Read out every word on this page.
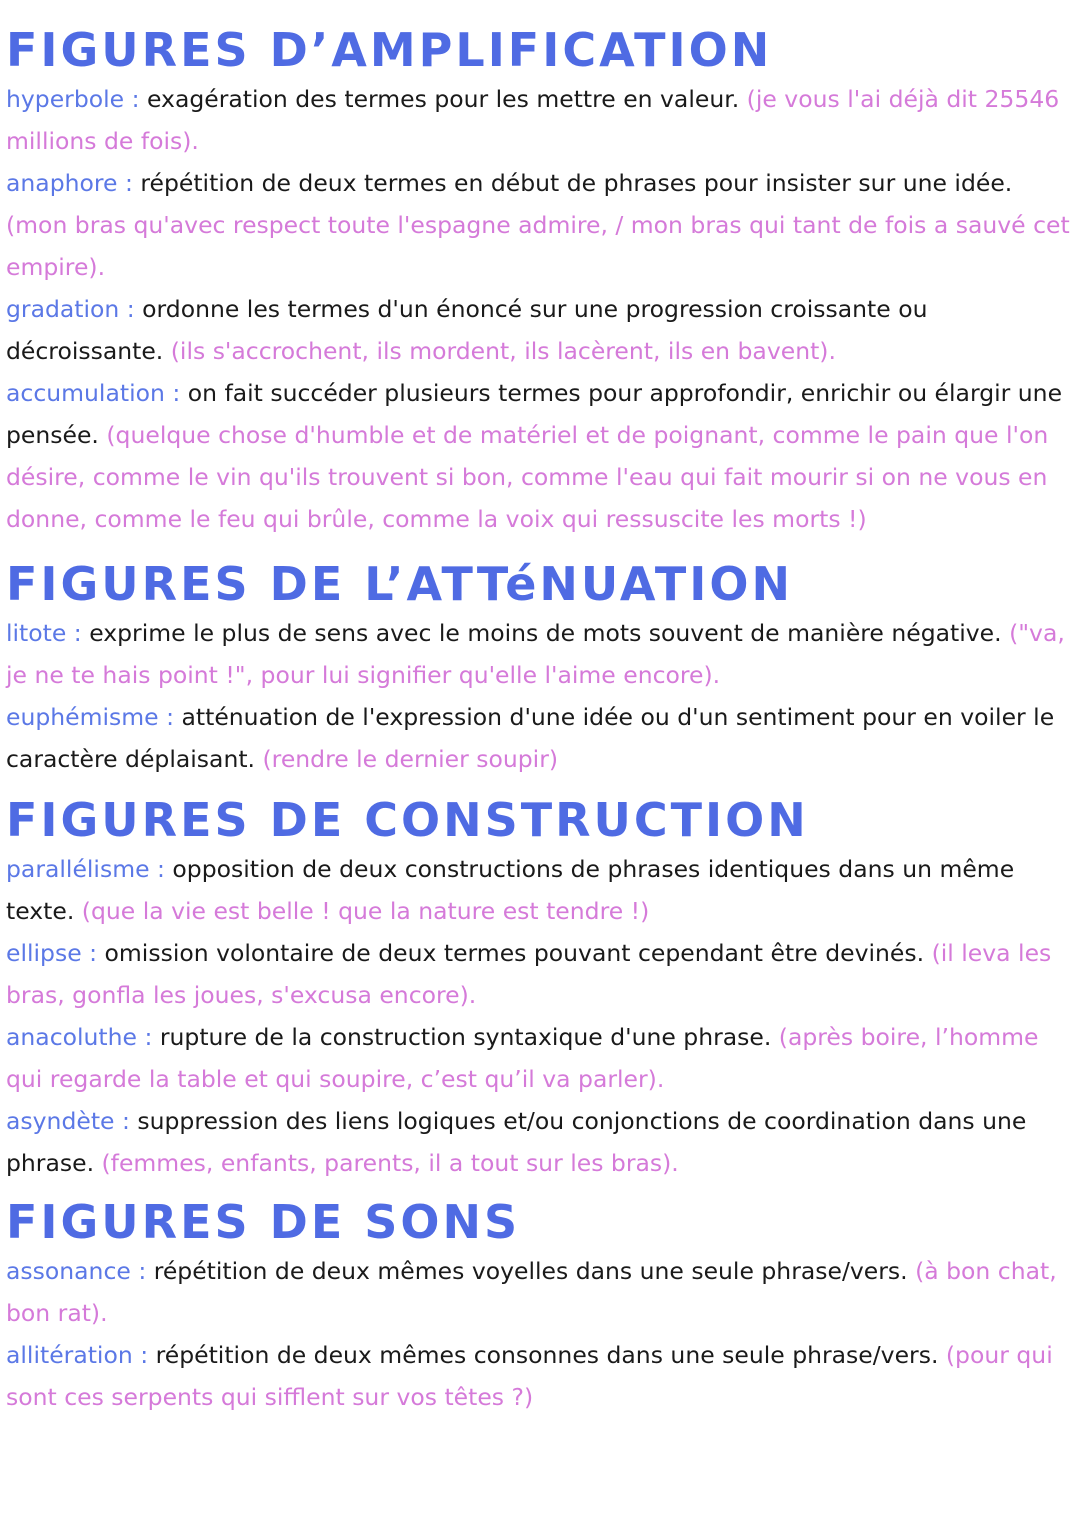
FIGURES D’AMPLIFICATION

hyperbole : exagération des termes pour les mettre en valeur. (je vous l'ai déjà dit 25546 millions de fois).

anaphore : répétition de deux termes en début de phrases pour insister sur une idée. (mon bras qu'avec respect toute l'espagne admire, / mon bras qui tant de fois a sauvé cet empire).

gradation : ordonne les termes d'un énoncé sur une progression croissante ou décroissante. (ils s'accrochent, ils mordent, ils lacèrent, ils en bavent).

accumulation : on fait succéder plusieurs termes pour approfondir, enrichir ou élargir une pensée. (quelque chose d'humble et de matériel et de poignant, comme le pain que l'on désire, comme le vin qu'ils trouvent si bon, comme l'eau qui fait mourir si on ne vous en donne, comme le feu qui brûle, comme la voix qui ressuscite les morts !)

FIGURES DE L’ATTéNUATION

litote : exprime le plus de sens avec le moins de mots souvent de manière négative. ("va, je ne te hais point !", pour lui signifier qu'elle l'aime encore).

euphémisme : atténuation de l'expression d'une idée ou d'un sentiment pour en voiler le caractère déplaisant. (rendre le dernier soupir)

FIGURES DE CONSTRUCTION

parallélisme : opposition de deux constructions de phrases identiques dans un même texte. (que la vie est belle ! que la nature est tendre !)

ellipse : omission volontaire de deux termes pouvant cependant être devinés. (il leva les bras, gonfla les joues, s'excusa encore).

anacoluthe : rupture de la construction syntaxique d'une phrase. (après boire, l’homme qui regarde la table et qui soupire, c’est qu’il va parler).

asyndète : suppression des liens logiques et/ou conjonctions de coordination dans une phrase. (femmes, enfants, parents, il a tout sur les bras).

FIGURES DE SONS

assonance : répétition de deux mêmes voyelles dans une seule phrase/vers. (à bon chat, bon rat).

allitération : répétition de deux mêmes consonnes dans une seule phrase/vers. (pour qui sont ces serpents qui sifflent sur vos têtes ?)
